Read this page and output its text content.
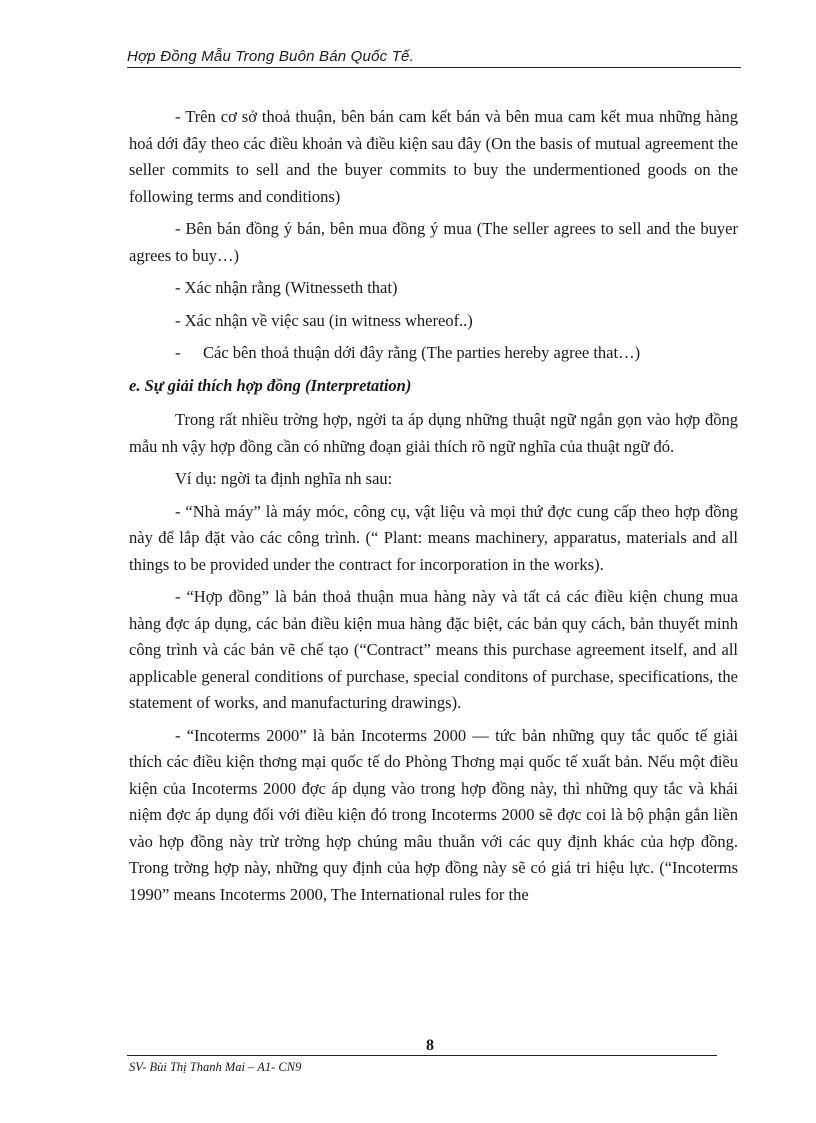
Hợp Đồng Mẫu Trong Buôn Bán Quốc Tế.

- Trên cơ sở thoả thuận, bên bán cam kết bán và bên mua cam kết mua những hàng hoá dới đây theo các điều khoản và điều kiện sau đây (On the basis of mutual agreement the seller commits to sell and the buyer commits to buy the undermentioned goods on the following terms and conditions)

- Bên bán đồng ý bán, bên mua đồng ý mua (The seller agrees to sell and the buyer agrees to buy…)

- Xác nhận rằng (Witnesseth that)

- Xác nhận về việc sau (in witness whereof..)

-	Các bên thoả thuận dới đây rằng (The parties hereby agree that…)

e. Sự giải thích hợp đồng (Interpretation)

Trong rất nhiều trờng hợp, ngời ta áp dụng những thuật ngữ ngắn gọn vào hợp đồng mẫu nh vậy hợp đồng cần có những đoạn giải thích rõ ngữ nghĩa của thuật ngữ đó.

Ví dụ: ngời ta định nghĩa nh sau:

- “Nhà máy” là máy móc, công cụ, vật liệu và mọi thứ đợc cung cấp theo hợp đồng này để lắp đặt vào các công trình. (“ Plant: means machinery, apparatus, materials and all things to be provided under the contract for incorporation in the works).

- “Hợp đồng” là bản thoả thuận mua hàng này và tất cả các điều kiện chung mua hàng đợc áp dụng, các bản điều kiện mua hàng đặc biệt, các bản quy cách, bản thuyết minh công trình và các bản vẽ chế tạo (“Contract” means this purchase agreement itself, and all applicable general conditions of purchase, special conditons of purchase, specifications, the statement of works, and manufacturing drawings).

- “Incoterms 2000” là bản Incoterms 2000 — tức bản những quy tắc quốc tế giải thích các điều kiện thơng mại quốc tế do Phòng Thơng mại quốc tế xuất bản. Nếu một điều kiện của Incoterms 2000 đợc áp dụng vào trong hợp đồng này, thì những quy tắc và khái niệm đợc áp dụng đối với điều kiện đó trong Incoterms 2000 sẽ đợc coi là bộ phận gắn liền vào hợp đồng này trừ trờng hợp chúng mâu thuẫn với các quy định khác của hợp đồng. Trong trờng hợp này, những quy định của hợp đồng này sẽ có giá tri hiệu lực. (“Incoterms 1990” means Incoterms 2000, The International rules for the

8
SV- Bùi Thị Thanh Mai – A1- CN9
